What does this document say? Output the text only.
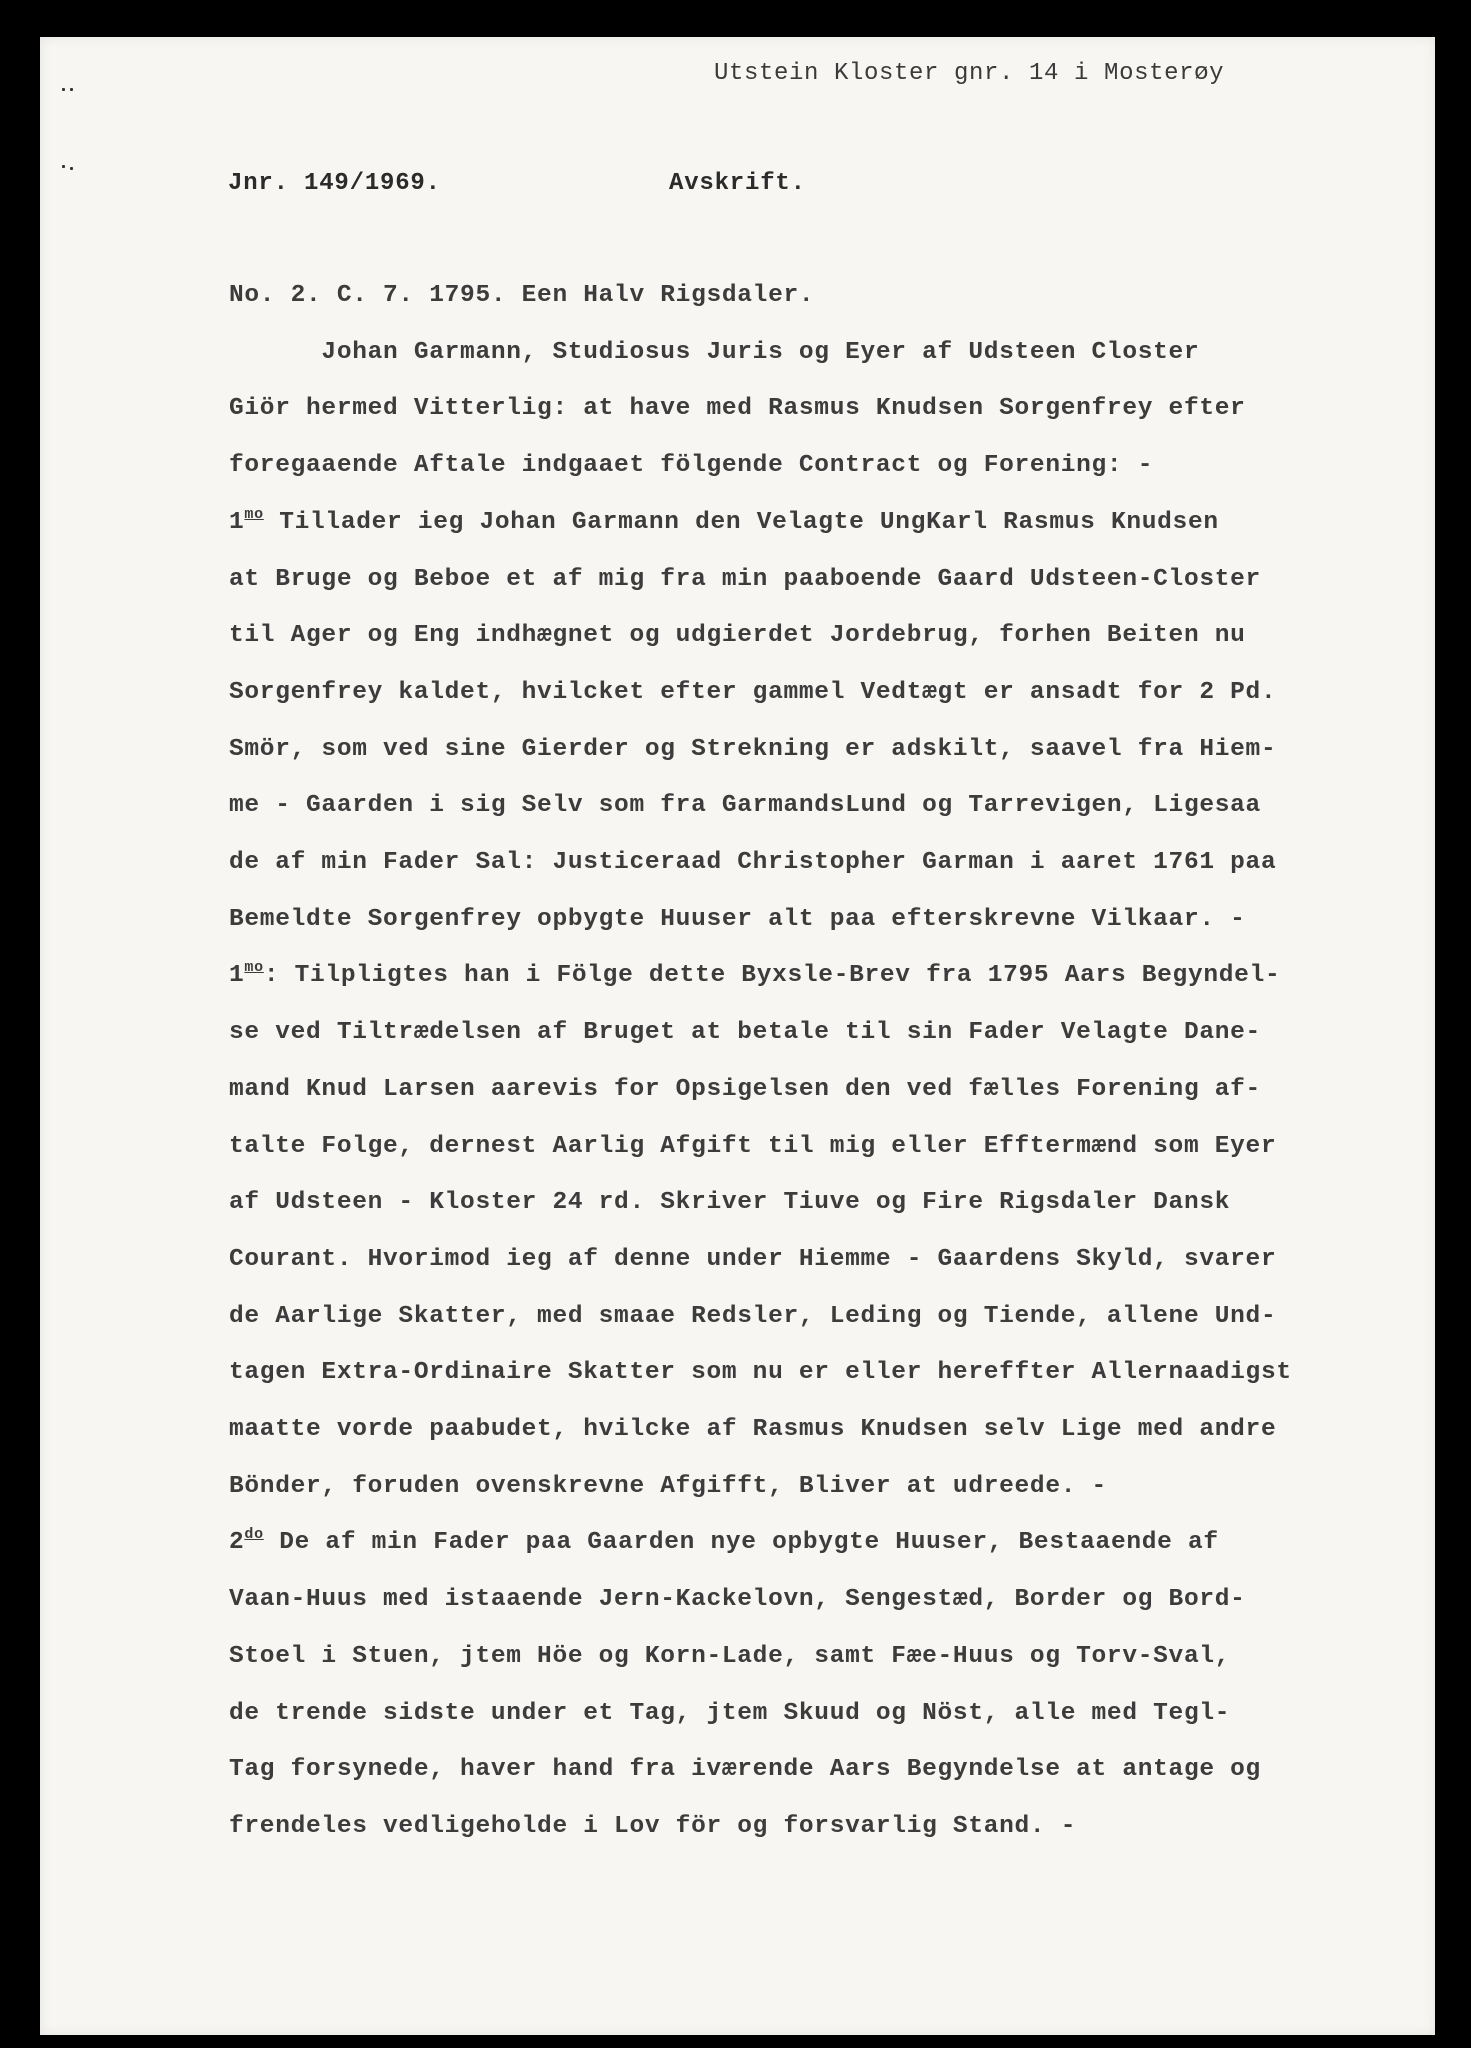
Utstein Kloster gnr. 14 i Mosterøy
Jnr. 149/1969.	Avskrift.
No. 2. C. 7. 1795. Een Halv Rigsdaler.
Johan Garmann, Studiosus Juris og Eyer af Udsteen Closter
Giör hermed Vitterlig: at have med Rasmus Knudsen Sorgenfrey efter
foregaaende Aftale indgaaet fölgende Contract og Forening: -
$1^{mo}$ Tillader ieg Johan Garmann den Velagte UngKarl Rasmus Knudsen
at Bruge og Beboe et af mig fra min paaboende Gaard Udsteen-Closter
til Ager og Eng indhægnet og udgierdet Jordebrug, forhen Beiten nu
Sorgenfrey kaldet, hvilcket efter gammel Vedtægt er ansadt for 2 Pd.
Smör, som ved sine Gierder og Strekning er adskilt, saavel fra Hiem-
me - Gaarden i sig Selv som fra GarmandsLund og Tarrevigen, Ligesaa
de af min Fader Sal: Justiceraad Christopher Garman i aaret 1761 paa
Bemeldte Sorgenfrey opbygte Huuser alt paa efterskrevne Vilkaar. -
$1^{mo}$: Tilpligtes han i Fölge dette Byxsle-Brev fra 1795 Aars Begyndel-
se ved Tiltrædelsen af Bruget at betale til sin Fader Velagte Dane-
mand Knud Larsen aarevis for Opsigelsen den ved fælles Forening af-
talte Folge, dernest Aarlig Afgift til mig eller Efftermænd som Eyer
af Udsteen - Kloster 24 rd. Skriver Tiuve og Fire Rigsdaler Dansk
Courant. Hvorimod ieg af denne under Hiemme - Gaardens Skyld, svarer
de Aarlige Skatter, med smaae Redsler, Leding og Tiende, allene Und-
tagen Extra-Ordinaire Skatter som nu er eller hereffter Allernaadigst
maatte vorde paabudet, hvilcke af Rasmus Knudsen selv Lige med andre
Bönder, foruden ovenskrevne Afgifft, Bliver at udreede. -
$2^{do}$ De af min Fader paa Gaarden nye opbygte Huuser, Bestaaende af
Vaan-Huus med istaaende Jern-Kackelovn, Sengestæd, Border og Bord-
Stoel i Stuen, jtem Höe og Korn-Lade, samt Fæe-Huus og Torv-Sval,
de trende sidste under et Tag, jtem Skuud og Nöst, alle med Tegl-
Tag forsynede, haver hand fra iværende Aars Begyndelse at antage og
frendeles vedligeholde i Lov för og forsvarlig Stand. -
